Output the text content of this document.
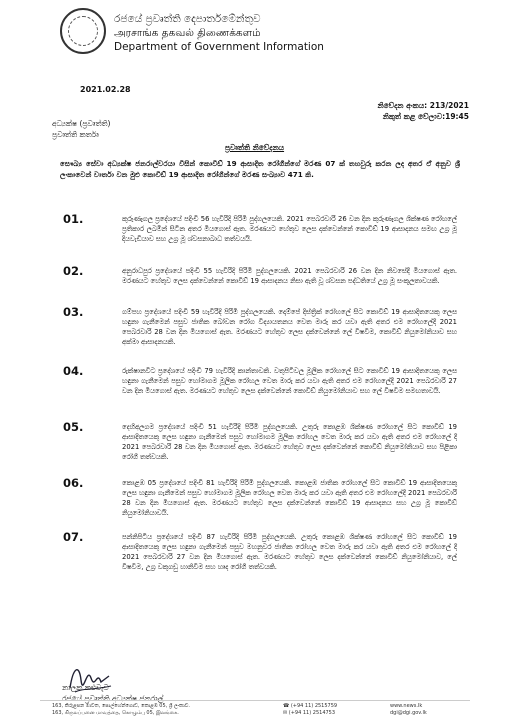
රජයේ ප්‍රවෘත්ති දෙපාර්තමේන්තුව
அரசாங்க தகவல் திணைக்களம்
Department of Government Information
2021.02.28
නිවේදන අංකය: 213/2021
නිකුත් කළ වේලාව:19:45
අධ්‍යක්ෂ (ප්‍රවෘත්ති)
ප්‍රවෘත්ති කර්තෘ
ප්‍රවෘත්ති නිවේදනය
සෞඛ්‍ය සේවා අධ්‍යක්ෂ ජනරාල්වරයා විසින් කොවිඩ් 19 ආසාදිත රෝගීන්ගේ මරණ 07 ක් තහවුරු කරන ලද අතර ඒ අනුව ශ්‍රී ලංකාවෙන් වාර්තා වන මුළු කොවිඩ් 19 ආසාදිත රෝගීන්ගේ මරණ සංඛ්‍යාව 471 කි.
01.	කුරුණෑගල ප්‍රදේශයේ පදිංචි 56 හැවිරිදි පිරිමි පුද්ගලයෙකි. 2021 පෙබරවාරි 26 වන දින කුරුණෑගල ශික්ෂණ රෝහලේ ප්‍රතිකාර ලබමින් සිටින අතර මියගොස් ඇත. මරණයට හේතුව ලෙස දක්වෙන්නේ කොවිඩ් 19 ආසාදනය සමඟ උග්‍ර මූ දියවැඩියාව සහ උග්‍ර මූ ශ්වසනාබාධ තත්වයයි.
02.	අනුරාධපුර ප්‍රදේශයේ පදිංචි 55 හැවිරිදි පිරිමි පුද්ගලයෙකි. 2021 පෙබරවාරි 26 වන දින නිවසේදී මියගොස් ඇත. මරණයට හේතුව ලෙස දක්වෙන්නේ කොවිඩ් 19 ආසාදනය නිසා ඇති වූ ශ්වසන පද්ධතියේ උග්‍ර මූ සංකූලතාවයකි.
03.	ගම්පහ ප්‍රදේශයේ පදිංචි 59 හැවිරිදි පිරිමි පුද්ගලයෙකි. දොම්පේ දිස්ත්‍රික් රෝහලේ සිට කොවිඩ් 19 ආසාදිතයෙකු ලෙස හඳුනා ගැනීමෙන් පසුව ජාතික බෝවන රෝග විද්‍යායතනය වෙත මාරු කර යවා ඇති අතර එම රෝහලේදී 2021 පෙබරවාරි 28 වන දින මියගොස් ඇත. මරණයට හේතුව ලෙස දක්වෙන්නේ ලේ විෂවීම, කොවිඩ් නියුමෝනියාව සහ අක්මා ආසාදනයකි.
04.	රුක්ෂානවිට ප්‍රදේශයේ පදිංචි 79 හැවිරිදි කාන්තාවකි. වතුපිටිවල මූලික රෝහලේ සිට කොවිඩ් 19 ආසාදිතයෙකු ලෙස හඳුනා ගැනීමෙන් පසුව හෝමාගම මූලික රෝහල වෙත මාරු කර යවා ඇති අතර එම රෝහලේදී 2021 පෙබරවාරි 27 වන දින මියගොස් ඇත. මරණයට හේතුව ලෙස දක්වෙන්නේ කොවිඩ් නියුමෝනියාව සහ ලේ විෂවීම සමඟතාවයි.
05.	දෙහිඅලගම ප්‍රදේශයේ පදිංචි 51 හැවිරිදි පිරිමි පුද්ගලයෙකි. උතුරු කොළඹ ශික්ෂණ රෝහලේ සිට කොවිඩ් 19 ආසාදිතයෙකු ලෙස හඳුනා ගැනීමෙන් පසුව හෝමාගම මූලික රෝහල වෙත මාරු කර යවා ඇති අතර එම රෝහලේ දී 2021 පෙබරවාරි 28 වන දින මියගොස් ඇත. මරණයට හේතුව ලෙස දක්වෙන්නේ කොවිඩ් නියුමෝනියාව සහ පිළිකා රෝගී තත්වයකි.
06.	කොළඹ 05 ප්‍රදේශයේ පදිංචි 81 හැවිරිදි පිරිමි පුද්ගලයෙකි. කොළඹ ජාතික රෝහලේ සිට කොවිඩ් 19 ආසාදිතයෙකු ලෙස හඳුනා ගැනීමෙන් පසුව හෝමාගම මූලික රෝහල වෙත මාරු කර යවා ඇති අතර එම රෝහලේදී 2021 පෙබරවාරි 28 වන දින මියගොස් ඇත. මරණයට හේතුව ලෙස දක්වෙන්නේ කොවිඩ් 19 ආසාදනය සහ උග්‍ර මූ කොවිඩ් නියුමෝනියාවයි.
07.	පන්නිපිටිය ප්‍රදේශයේ පදිංචි 87 හැවිරිදි පිරිමි පුද්ගලයෙකි. උතුරු කොළඹ ශික්ෂණ රෝහලේ සිට කොවිඩ් 19 ආසාදිතයෙකු ලෙස හඳුනා ගැනීමෙන් පසුව මහනුවර ජාතික රෝහල වෙත මාරු කර යවා ඇති අතර එම රෝහලේ දී 2021 පෙබරවාරි 27 වන දින මියගොස් ඇත. මරණයට හේතුව ලෙස දක්වෙන්නේ කොවිඩ් නියුමෝනියාව, ලේ විෂවීම, උග්‍ර වකුගඩු හානිවීම සහ හෘද රෝගී තත්වයකි.
නාලක කළුවැව
රජයේ ප්‍රවෘත්ති අධ්‍යක්ෂ ජනරාල්
163, කිරුළපන මාවත, පොල්හේන්ගොඩ, කොළඹ 05, ශ්‍රී ලංකාව.
163, கிருலப்பனை மாவத்தை, கொழும்பு 05, இலங்கை.
☎ (+94 11) 2515759
✉ (+94 11) 2514753
www.news.lk
dgi@dgi.gov.lk
